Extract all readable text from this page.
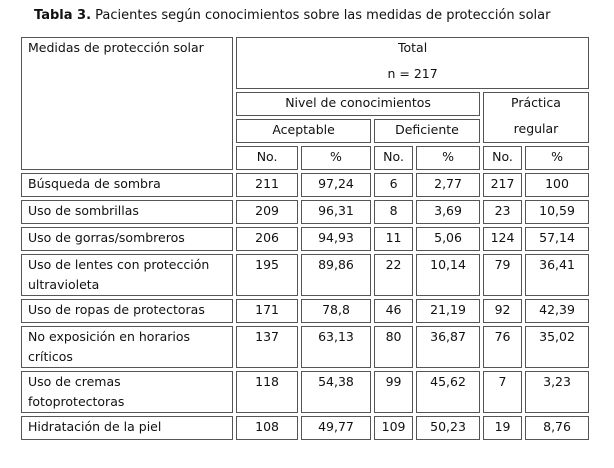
Tabla 3. Pacientes según conocimientos sobre las medidas de protección solar
Medidas de protección solar	Total
n = 217					

	Nivel de conocimientos				Práctica
regular	

	Aceptable		Deficiente			
	No.	%	No.	%	No.	%

Búsqueda de sombra	211	97,24	6	2,77	217	100

Uso de sombrillas	209	96,31	8	3,69	23	10,59

Uso de gorras/sombreros	206	94,93	11	5,06	124	57,14

Uso de lentes con protección
ultravioleta	195	89,86	22	10,14	79	36,41

Uso de ropas de protectoras	171	78,8	46	21,19	92	42,39

No exposición en horarios
críticos	137	63,13	80	36,87	76	35,02

Uso de cremas
fotoprotectoras	118	54,38	99	45,62	7	3,23

Hidratación de la piel	108	49,77	109	50,23	19	8,76
